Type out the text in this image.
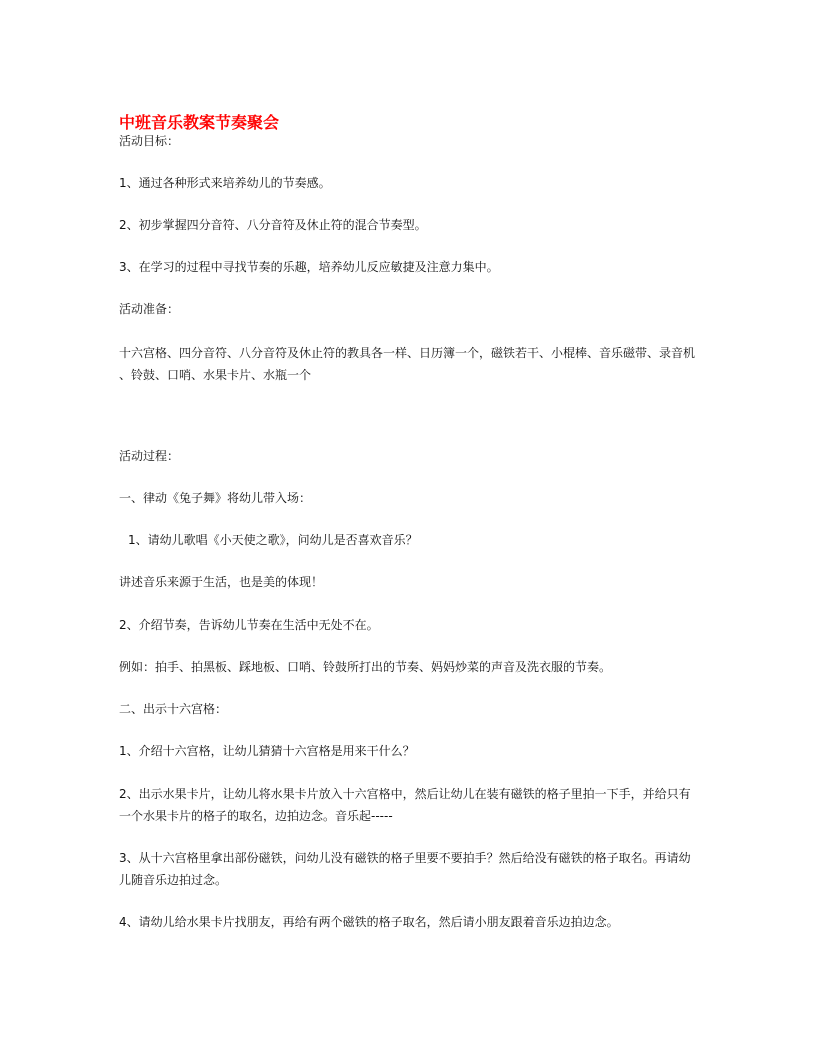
中班音乐教案节奏聚会
活动目标：
1、通过各种形式来培养幼儿的节奏感。
2、初步掌握四分音符、八分音符及休止符的混合节奏型。
3、在学习的过程中寻找节奏的乐趣，培养幼儿反应敏捷及注意力集中。
活动准备：
十六宫格、四分音符、八分音符及休止符的教具各一样、日历簿一个，磁铁若干、小棍棒、音乐磁带、录音机
、铃鼓、口哨、水果卡片、水瓶一个
活动过程：
一、律动《兔子舞》将幼儿带入场：
1、请幼儿歌唱《小天使之歌》，问幼儿是否喜欢音乐？
讲述音乐来源于生活，也是美的体现！
2、介绍节奏，告诉幼儿节奏在生活中无处不在。
例如：拍手、拍黑板、踩地板、口哨、铃鼓所打出的节奏、妈妈炒菜的声音及洗衣服的节奏。
二、出示十六宫格：
1、介绍十六宫格，让幼儿猜猜十六宫格是用来干什么？
2、出示水果卡片，让幼儿将水果卡片放入十六宫格中，然后让幼儿在装有磁铁的格子里拍一下手，并给只有
一个水果卡片的格子的取名，边拍边念。音乐起-----
3、从十六宫格里拿出部份磁铁，问幼儿没有磁铁的格子里要不要拍手？然后给没有磁铁的格子取名。再请幼
儿随音乐边拍过念。
4、请幼儿给水果卡片找朋友，再给有两个磁铁的格子取名，然后请小朋友跟着音乐边拍边念。
